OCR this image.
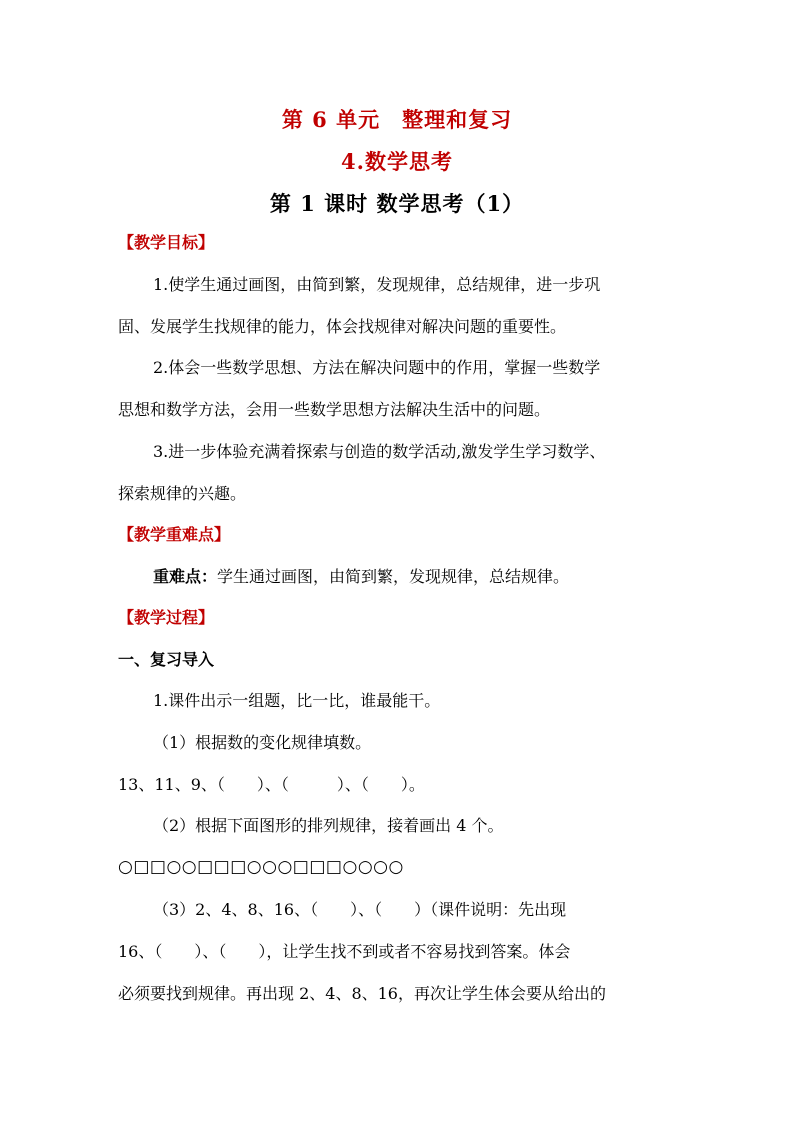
第 6 单元　整理和复习
4.数学思考
第 1 课时 数学思考（1）
【教学目标】
1.使学生通过画图，由简到繁，发现规律，总结规律，进一步巩
固、发展学生找规律的能力，体会找规律对解决问题的重要性。
2.体会一些数学思想、方法在解决问题中的作用，掌握一些数学
思想和数学方法，会用一些数学思想方法解决生活中的问题。
3.进一步体验充满着探索与创造的数学活动,激发学生学习数学、
探索规律的兴趣。
【教学重难点】
重难点：学生通过画图，由简到繁，发现规律，总结规律。
【教学过程】
一、复习导入
1.课件出示一组题，比一比，谁最能干。
（1）根据数的变化规律填数。
13、11、9、（　　）、（　　　）、（　　）。
（2）根据下面图形的排列规律，接着画出 4 个。
○□□○○□□□○○○□□□○○○○
（3）2、4、8、16、（　　）、（　　）（课件说明：先出现
16、（　　）、（　　），让学生找不到或者不容易找到答案。体会
必须要找到规律。再出现 2、4、8、16，再次让学生体会要从给出的
